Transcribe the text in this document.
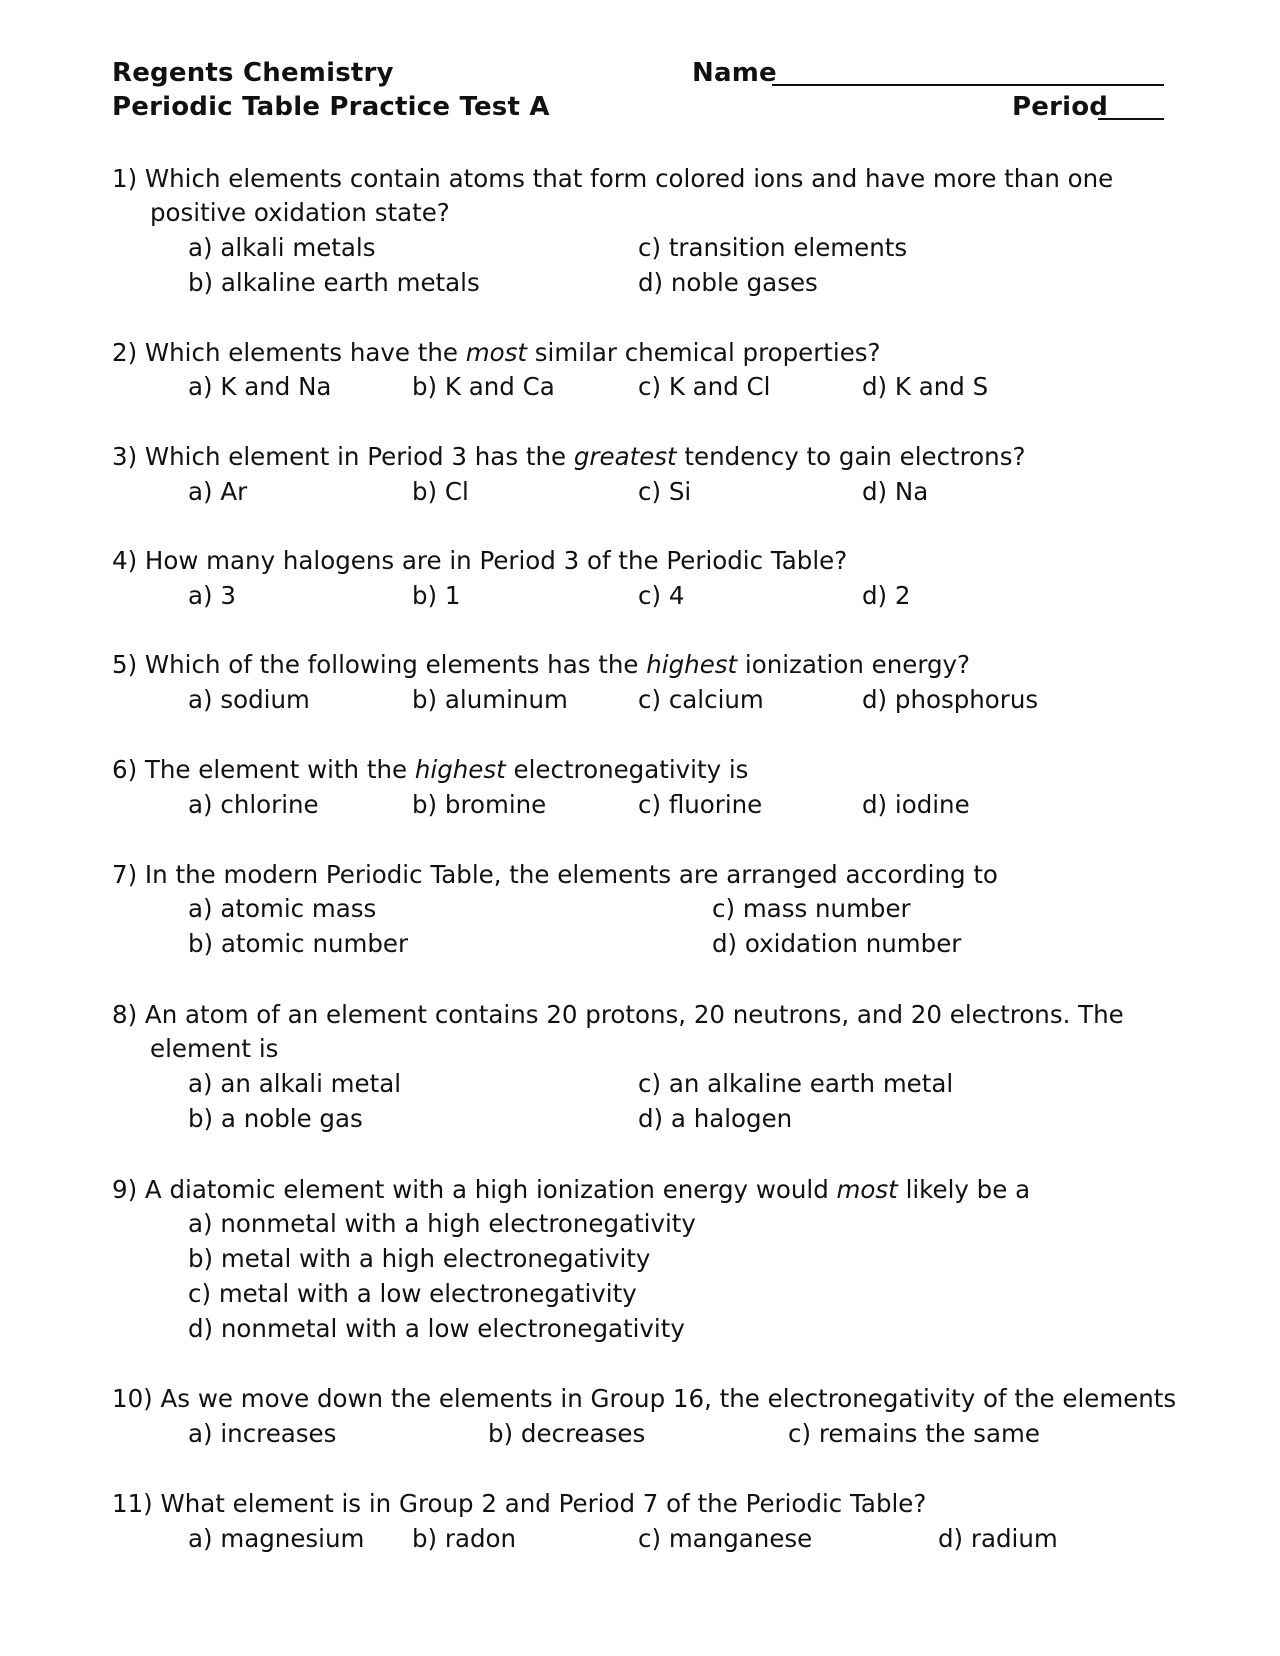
Regents Chemistry
Periodic Table Practice Test A
Name
Period
1) Which elements contain atoms that form colored ions and have more than one
positive oxidation state?
a) alkali metals
b) alkaline earth metals
c) transition elements
d) noble gases
2) Which elements have the most similar chemical properties?
a) K and Na	b) K and Ca	c) K and Cl	d) K and S
3) Which element in Period 3 has the greatest tendency to gain electrons?
a) Ar	b) Cl	c) Si	d) Na
4) How many halogens are in Period 3 of the Periodic Table?
a) 3	b) 1	c) 4	d) 2
5) Which of the following elements has the highest ionization energy?
a) sodium	b) aluminum	c) calcium	d) phosphorus
6) The element with the highest electronegativity is
a) chlorine	b) bromine	c) fluorine	d) iodine
7) In the modern Periodic Table, the elements are arranged according to
a) atomic mass
b) atomic number
c) mass number
d) oxidation number
8) An atom of an element contains 20 protons, 20 neutrons, and 20 electrons. The
element is
a) an alkali metal
b) a noble gas
c) an alkaline earth metal
d) a halogen
9) A diatomic element with a high ionization energy would most likely be a
a) nonmetal with a high electronegativity
b) metal with a high electronegativity
c) metal with a low electronegativity
d) nonmetal with a low electronegativity
10) As we move down the elements in Group 16, the electronegativity of the elements
a) increases	b) decreases	c) remains the same
11) What element is in Group 2 and Period 7 of the Periodic Table?
a) magnesium b) radon	c) manganese	d) radium
